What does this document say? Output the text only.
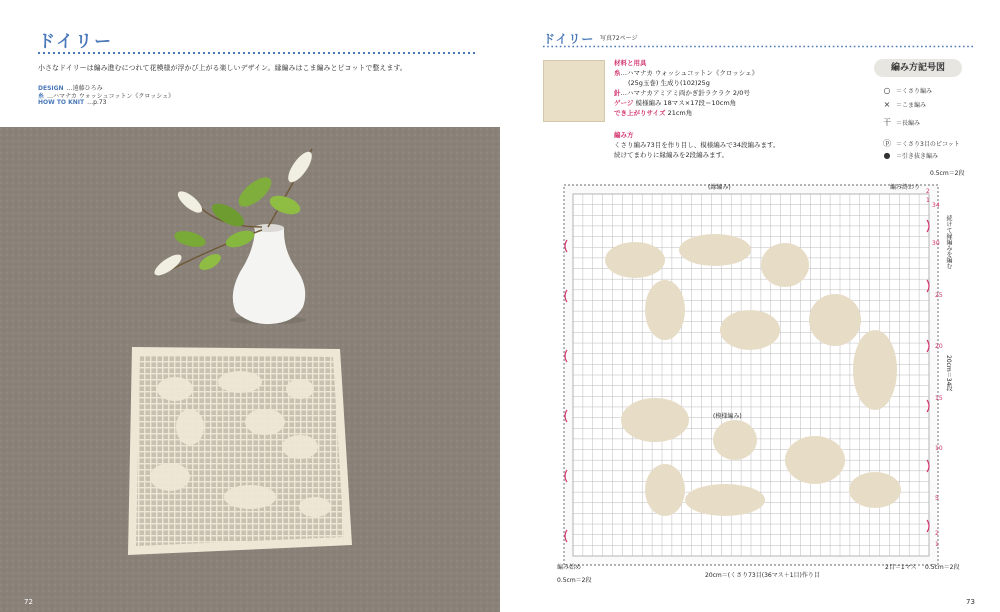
ドイリー
小さなドイリーは編み進むにつれて花模様が浮かび上がる楽しいデザイン。縁編みはこま編みとピコットで整えます。
DESIGN …遠藤ひろみ
糸 …ハマナカ ウォッシュコットン《クロッシェ》
HOW TO KNIT …p.73
72
ドイリー 写真72ページ
材料と用具
糸…ハマナカ ウォッシュコットン《クロッシェ》
(25g玉巻) 生成り(102)25g
針…ハマナカアミアミ両かぎ針ラクラク 2/0号
ゲージ 模様編み 18マス×17段＝10cm角
でき上がりサイズ 21cm角
編み方
くさり編み73目を作り目し、模様編みで34段編みます。
続けてまわりに縁編みを2段編みます。
編み方記号図
○ ＝くさり編み
× ＝こま編み
干 ＝長編み
ⓟ ＝くさり3目のピコット
● ＝引き抜き編み
(縁編み)
(模様編み)
編み終わり
編み始め
0.5cm＝2段
0.5cm＝2段
0.5cm＝2段
20cm＝34段
続けて縁編みを編む
20cm＝(くさり73目(36マス＋1目)作り目
2目＝1マス
34
30
25
20
15
10
5
2
1
2
1
73
